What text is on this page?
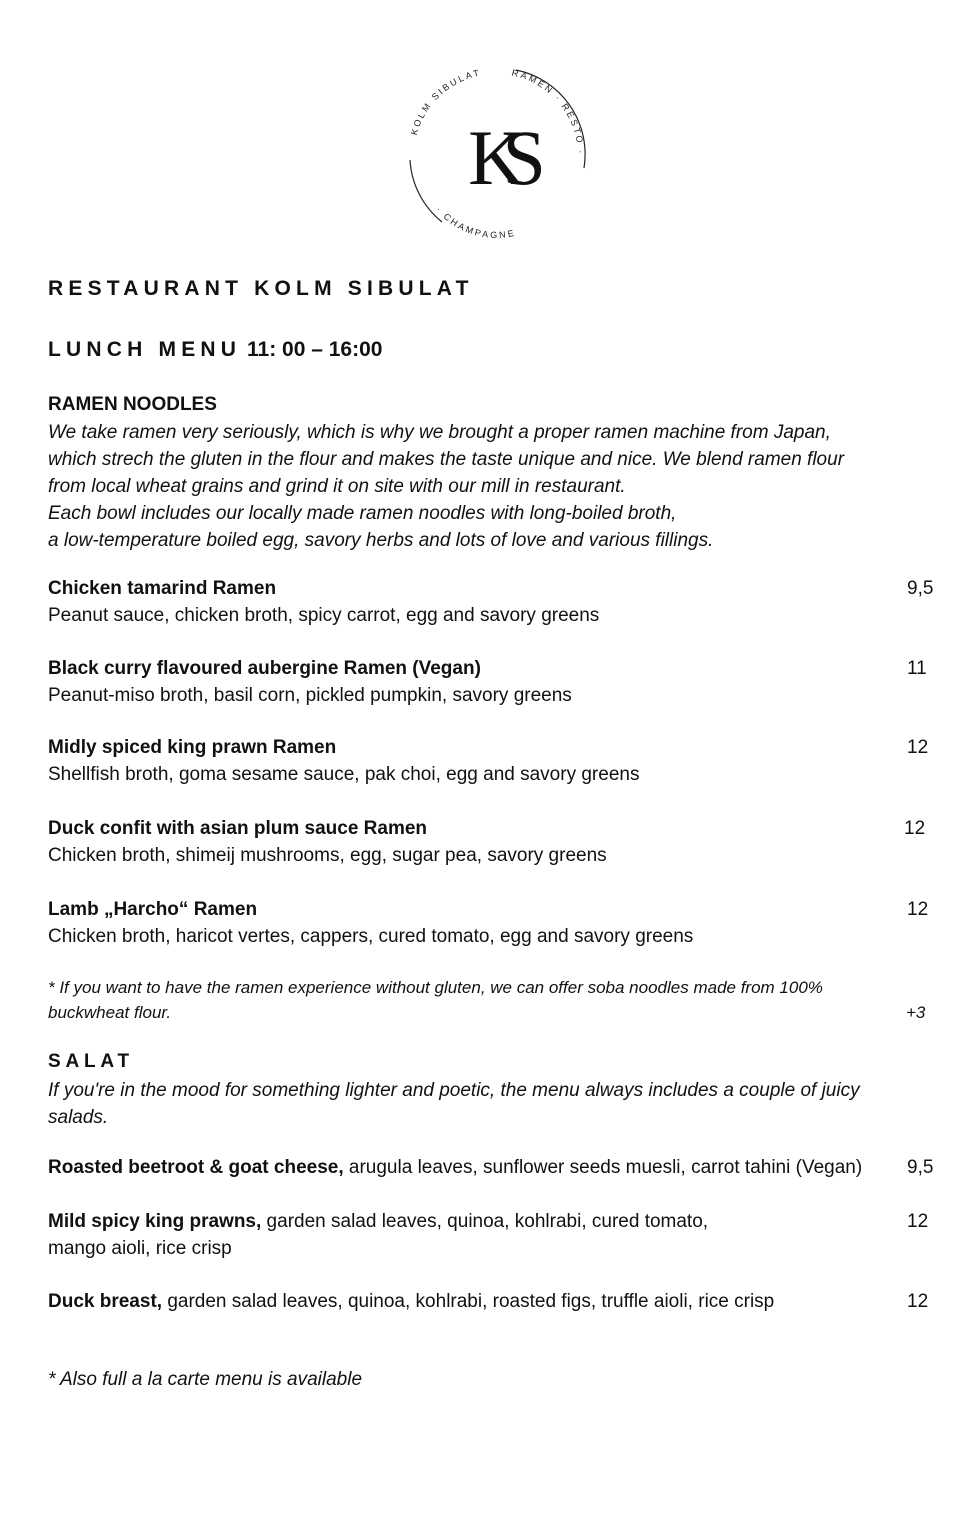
KOLM SIBULAT	RAMEN · RESTO ·
· CHAMPAGNE
KS
RESTAURANT KOLM SIBULAT
LUNCH MENU 11: 00 – 16:00
RAMEN NOODLES
We take ramen very seriously, which is why we brought a proper ramen machine from Japan,
which strech the gluten in the flour and makes the taste unique and nice. We blend ramen flour
from local wheat grains and grind it on site with our mill in restaurant.
Each bowl includes our locally made ramen noodles with long-boiled broth,
a low-temperature boiled egg, savory herbs and lots of love and various fillings.
Chicken tamarind Ramen	9,5
Peanut sauce, chicken broth, spicy carrot, egg and savory greens
Black curry flavoured aubergine Ramen (Vegan)	11
Peanut-miso broth, basil corn, pickled pumpkin, savory greens
Midly spiced king prawn Ramen	12
Shellfish broth, goma sesame sauce, pak choi, egg and savory greens
Duck confit with asian plum sauce Ramen	12
Chicken broth, shimeij mushrooms, egg, sugar pea, savory greens
Lamb „Harcho“ Ramen	12
Chicken broth, haricot vertes, cappers, cured tomato, egg and savory greens
* If you want to have the ramen experience without gluten, we can offer soba noodles made from 100%
buckwheat flour.	+3
SALAT
If you're in the mood for something lighter and poetic, the menu always includes a couple of juicy
salads.
Roasted beetroot & goat cheese, arugula leaves, sunflower seeds muesli, carrot tahini (Vegan) 9,5
Mild spicy king prawns, garden salad leaves, quinoa, kohlrabi, cured tomato,
mango aioli, rice crisp
12
Duck breast, garden salad leaves, quinoa, kohlrabi, roasted figs, truffle aioli, rice crisp	12
* Also full a la carte menu is available
